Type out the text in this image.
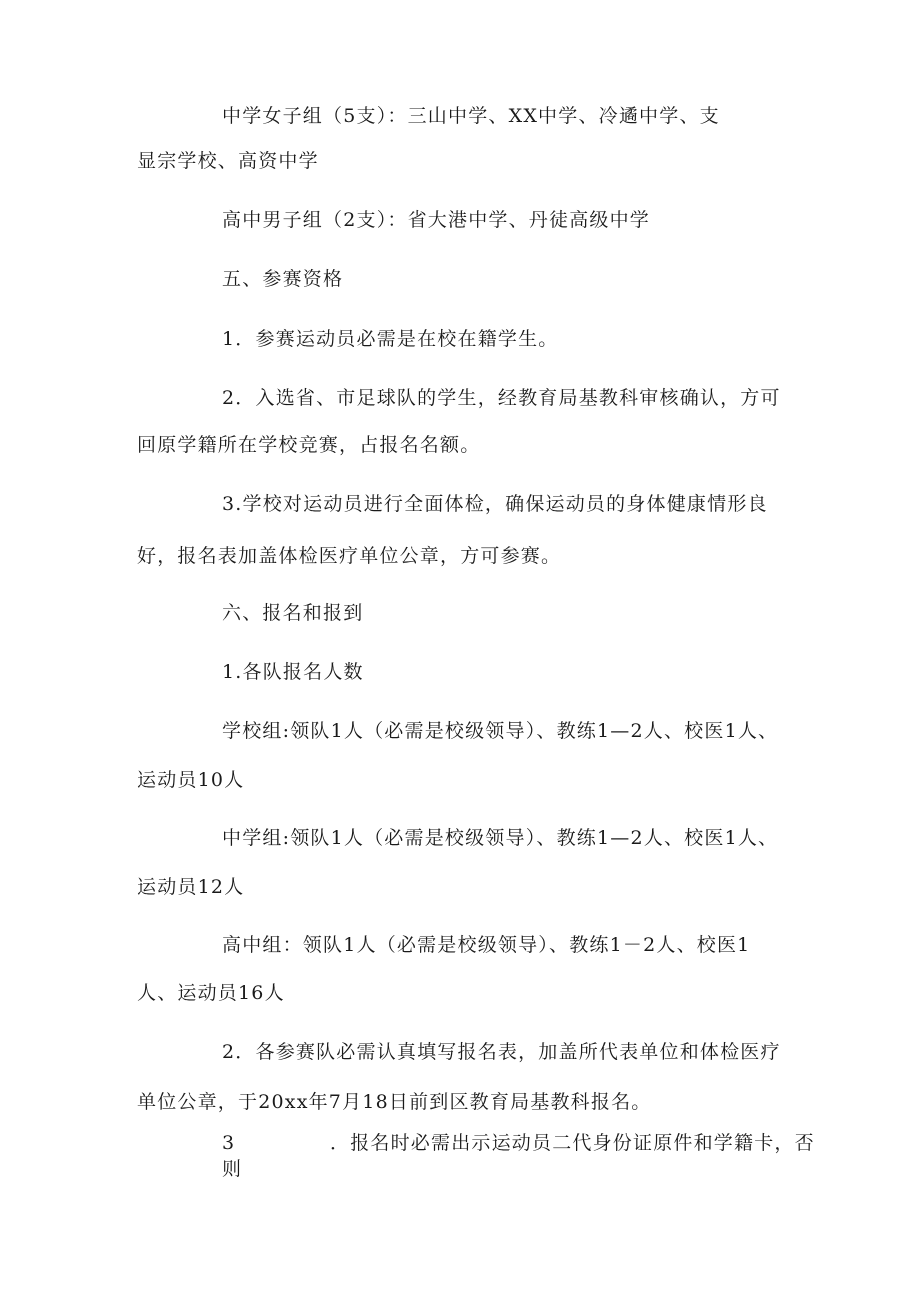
中学女子组（5支）：三山中学、XX中学、冷遹中学、支
显宗学校、高资中学
高中男子组（2支）：省大港中学、丹徒高级中学
五、参赛资格
1．参赛运动员必需是在校在籍学生。
2．入选省、市足球队的学生，经教育局基教科审核确认，方可
回原学籍所在学校竞赛，占报名名额。
3.学校对运动员进行全面体检，确保运动员的身体健康情形良
好，报名表加盖体检医疗单位公章，方可参赛。
六、报名和报到
1.各队报名人数
学校组:领队1人（必需是校级领导）、教练1—2人、校医1人、
运动员10人
中学组:领队1人（必需是校级领导）、教练1—2人、校医1人、
运动员12人
高中组：领队1人（必需是校级领导）、教练1－2人、校医1
人、运动员16人
2．各参赛队必需认真填写报名表，加盖所代表单位和体检医疗
单位公章，于20xx年7月18日前到区教育局基教科报名。
3	．报名时必需出示运动员二代身份证原件和学籍卡，否
则
